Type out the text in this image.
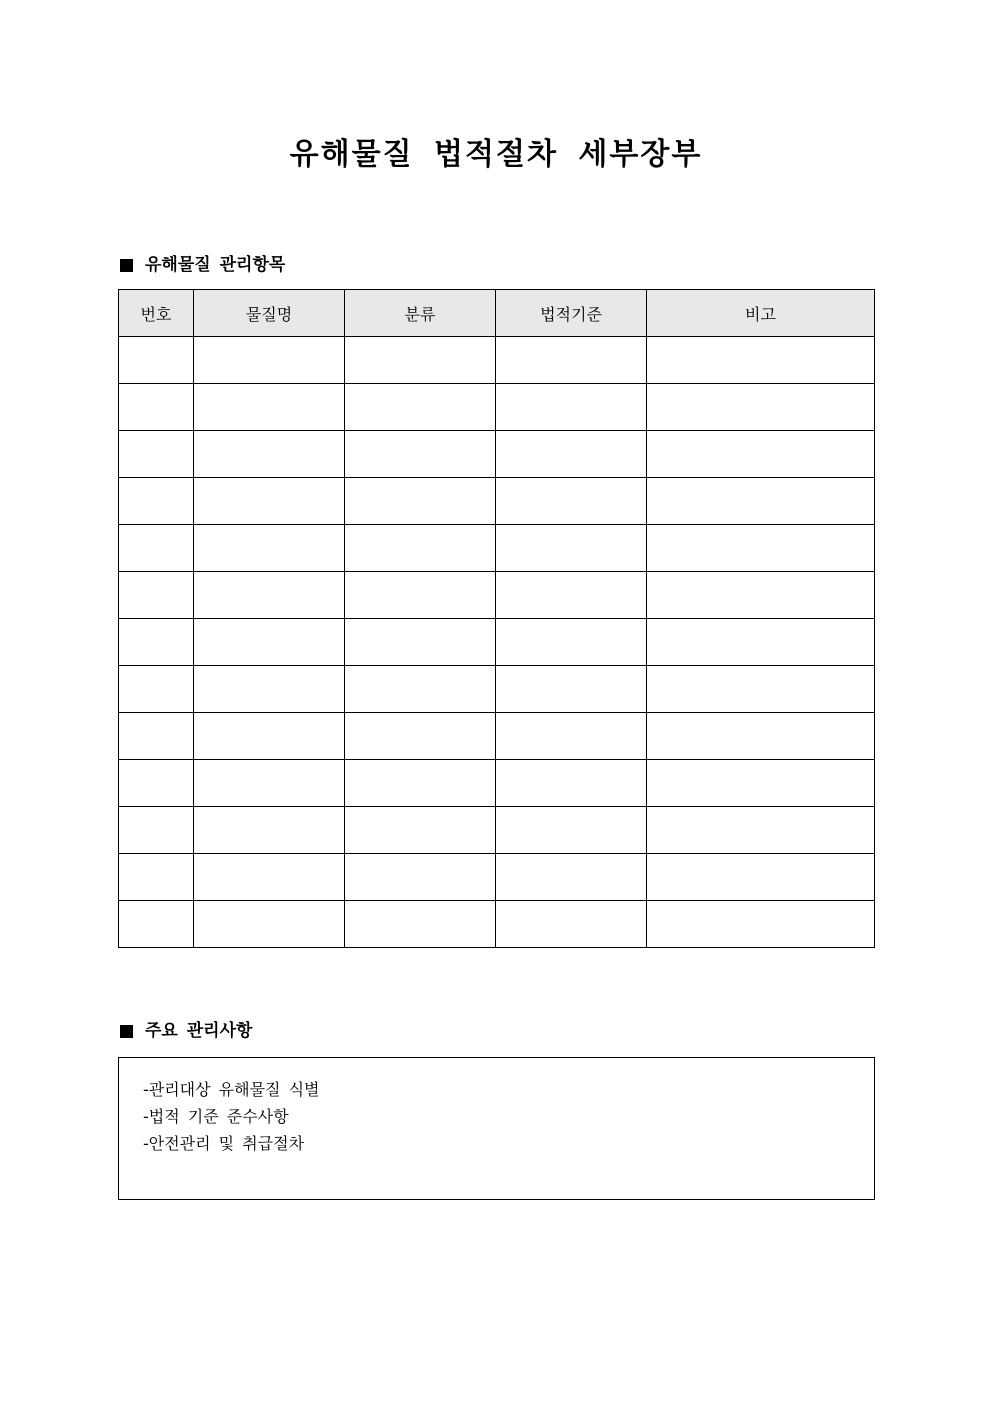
유해물질 법적절차 세부장부
유해물질 관리항목
번호	물질명	분류	법적기준	비고

주요 관리사항
-관리대상 유해물질 식별
-법적 기준 준수사항
-안전관리 및 취급절차
